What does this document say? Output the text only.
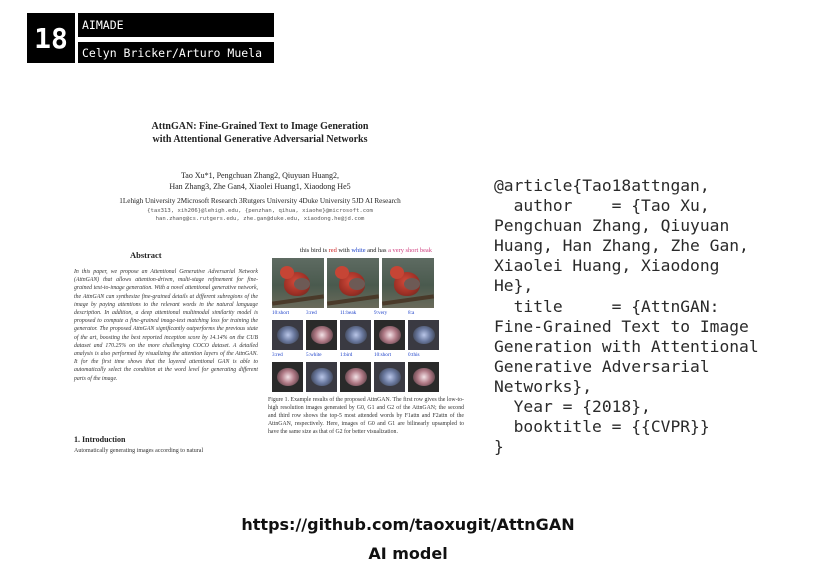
18	AIMADE
Celyn Bricker/Arturo Muela
AttnGAN: Fine-Grained Text to Image Generation
with Attentional Generative Adversarial Networks
Tao Xu*1, Pengchuan Zhang2, Qiuyuan Huang2,
Han Zhang3, Zhe Gan4, Xiaolei Huang1, Xiaodong He5
1Lehigh University 2Microsoft Research 3Rutgers University 4Duke University 5JD AI Research
{tax313, xih206}@lehigh.edu, {penzhan, qihua, xiaohe}@microsoft.com
han.zhang@cs.rutgers.edu, zhe.gan@duke.edu, xiaodong.he@jd.com
Abstract
In this paper, we propose an Attentional Generative Adversarial Network (AttnGAN) that allows attention-driven, multi-stage refinement for fine-grained text-to-image generation. With a novel attentional generative network, the AttnGAN can synthesize fine-grained details at different subregions of the image by paying attentions to the relevant words in the natural language description. In addition, a deep attentional multimodal similarity model is proposed to compute a fine-grained image-text matching loss for training the generator. The proposed AttnGAN significantly outperforms the previous state of the art, boosting the best reported inception score by 14.14% on the CUB dataset and 170.25% on the more challenging COCO dataset. A detailed analysis is also performed by visualizing the attention layers of the AttnGAN. It for the first time shows that the layered attentional GAN is able to automatically select the condition at the word level for generating different parts of the image.
1. Introduction
Automatically generating images according to natural
this bird is red with white and has a very short beak
10:short	3:red	11:beak	9:very	8:a
3:red	5:white	1:bird	10:short	0:this
Figure 1. Example results of the proposed AttnGAN. The first row gives the low-to-high resolution images generated by G0, G1 and G2 of the AttnGAN; the second and third row shows the top-5 most attended words by F1attn and F2attn of the AttnGAN, respectively. Here, images of G0 and G1 are bilinearly upsampled to have the same size as that of G2 for better visualization.
@article{Tao18attngan,
author    = {Tao Xu,
Pengchuan Zhang, Qiuyuan
Huang, Han Zhang, Zhe Gan,
Xiaolei Huang, Xiaodong
He},
title     = {AttnGAN:
Fine-Grained Text to Image
Generation with Attentional
Generative Adversarial
Networks},
Year = {2018},
booktitle = {{CVPR}}
}
https://github.com/taoxugit/AttnGAN
AI model
